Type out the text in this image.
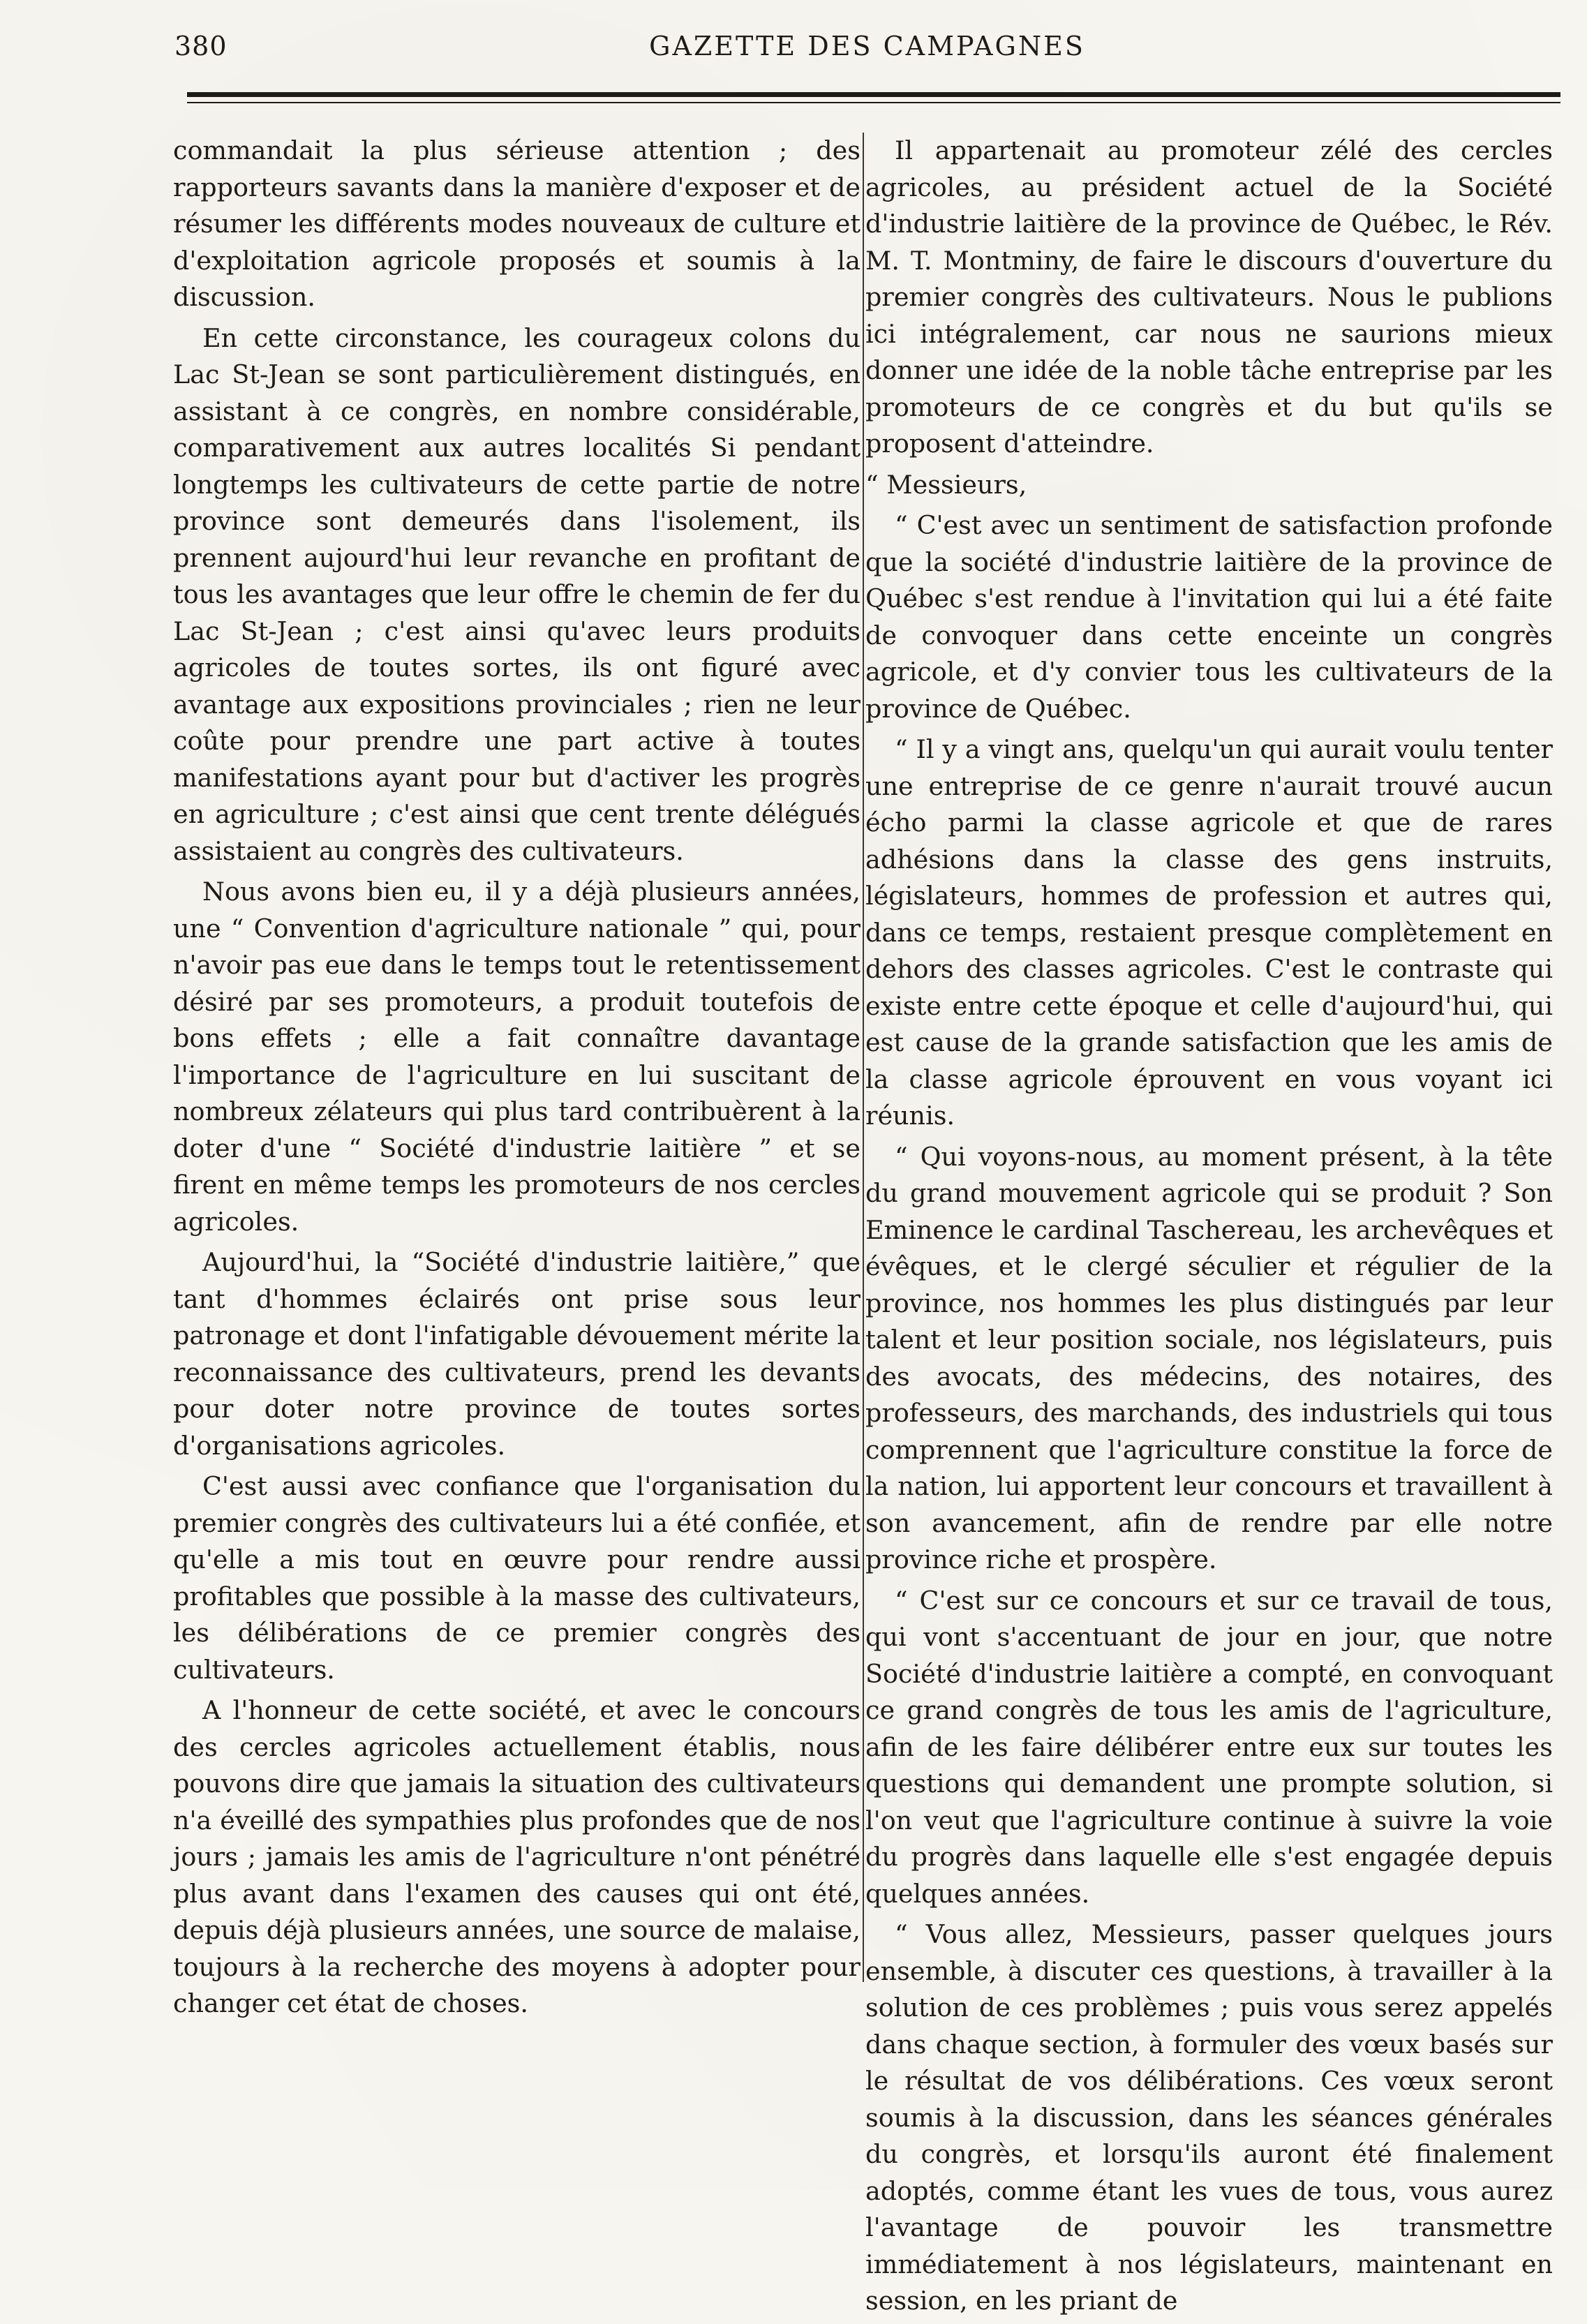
380	GAZETTE DES CAMPAGNES

commandait la plus sérieuse attention ; des rapporteurs savants dans la manière d'exposer et de résumer les différents modes nouveaux de culture et d'exploitation agricole proposés et soumis à la discussion.

En cette circonstance, les courageux colons du Lac St-Jean se sont particulièrement distingués, en assistant à ce congrès, en nombre considérable, comparativement aux autres localités Si pendant longtemps les cultivateurs de cette partie de notre province sont demeurés dans l'isolement, ils prennent aujourd'hui leur revanche en profitant de tous les avantages que leur offre le chemin de fer du Lac St-Jean ; c'est ainsi qu'avec leurs produits agricoles de toutes sortes, ils ont figuré avec avantage aux expositions provinciales ; rien ne leur coûte pour prendre une part active à toutes manifestations ayant pour but d'activer les progrès en agriculture ; c'est ainsi que cent trente délégués assistaient au congrès des cultivateurs.

Nous avons bien eu, il y a déjà plusieurs années, une “ Convention d'agriculture nationale ” qui, pour n'avoir pas eue dans le temps tout le retentissement désiré par ses promoteurs, a produit toutefois de bons effets ; elle a fait connaître davantage l'importance de l'agriculture en lui suscitant de nombreux zélateurs qui plus tard contribuèrent à la doter d'une “ Société d'industrie laitière ” et se firent en même temps les promoteurs de nos cercles agricoles.

Aujourd'hui, la “Société d'industrie laitière,” que tant d'hommes éclairés ont prise sous leur patronage et dont l'infatigable dévouement mérite la reconnaissance des cultivateurs, prend les devants pour doter notre province de toutes sortes d'organisations agricoles.

C'est aussi avec confiance que l'organisation du premier congrès des cultivateurs lui a été confiée, et qu'elle a mis tout en œuvre pour rendre aussi profitables que possible à la masse des cultivateurs, les délibérations de ce premier congrès des cultivateurs.

A l'honneur de cette société, et avec le concours des cercles agricoles actuellement établis, nous pouvons dire que jamais la situation des cultivateurs n'a éveillé des sympathies plus profondes que de nos jours ; jamais les amis de l'agriculture n'ont pénétré plus avant dans l'examen des causes qui ont été, depuis déjà plusieurs années, une source de malaise, toujours à la recherche des moyens à adopter pour changer cet état de choses.

Il appartenait au promoteur zélé des cercles agricoles, au président actuel de la Société d'industrie laitière de la province de Québec, le Rév. M. T. Montminy, de faire le discours d'ouverture du premier congrès des cultivateurs. Nous le publions ici intégralement, car nous ne saurions mieux donner une idée de la noble tâche entreprise par les promoteurs de ce congrès et du but qu'ils se proposent d'atteindre.

“ Messieurs,

“ C'est avec un sentiment de satisfaction profonde que la société d'industrie laitière de la province de Québec s'est rendue à l'invitation qui lui a été faite de convoquer dans cette enceinte un congrès agricole, et d'y convier tous les cultivateurs de la province de Québec.

“ Il y a vingt ans, quelqu'un qui aurait voulu tenter une entreprise de ce genre n'aurait trouvé aucun écho parmi la classe agricole et que de rares adhésions dans la classe des gens instruits, législateurs, hommes de profession et autres qui, dans ce temps, restaient presque complètement en dehors des classes agricoles. C'est le contraste qui existe entre cette époque et celle d'aujourd'hui, qui est cause de la grande satisfaction que les amis de la classe agricole éprouvent en vous voyant ici réunis.

“ Qui voyons-nous, au moment présent, à la tête du grand mouvement agricole qui se produit ? Son Eminence le cardinal Taschereau, les archevêques et évêques, et le clergé séculier et régulier de la province, nos hommes les plus distingués par leur talent et leur position sociale, nos législateurs, puis des avocats, des médecins, des notaires, des professeurs, des marchands, des industriels qui tous comprennent que l'agriculture constitue la force de la nation, lui apportent leur concours et travaillent à son avancement, afin de rendre par elle notre province riche et prospère.

“ C'est sur ce concours et sur ce travail de tous, qui vont s'accentuant de jour en jour, que notre Société d'industrie laitière a compté, en convoquant ce grand congrès de tous les amis de l'agriculture, afin de les faire délibérer entre eux sur toutes les questions qui demandent une prompte solution, si l'on veut que l'agriculture continue à suivre la voie du progrès dans laquelle elle s'est engagée depuis quelques années.

“ Vous allez, Messieurs, passer quelques jours ensemble, à discuter ces questions, à travailler à la solution de ces problèmes ; puis vous serez appelés dans chaque section, à formuler des vœux basés sur le résultat de vos délibérations. Ces vœux seront soumis à la discussion, dans les séances générales du congrès, et lorsqu'ils auront été finalement adoptés, comme étant les vues de tous, vous aurez l'avantage de pouvoir les transmettre immédiatement à nos législateurs, maintenant en session, en les priant de
